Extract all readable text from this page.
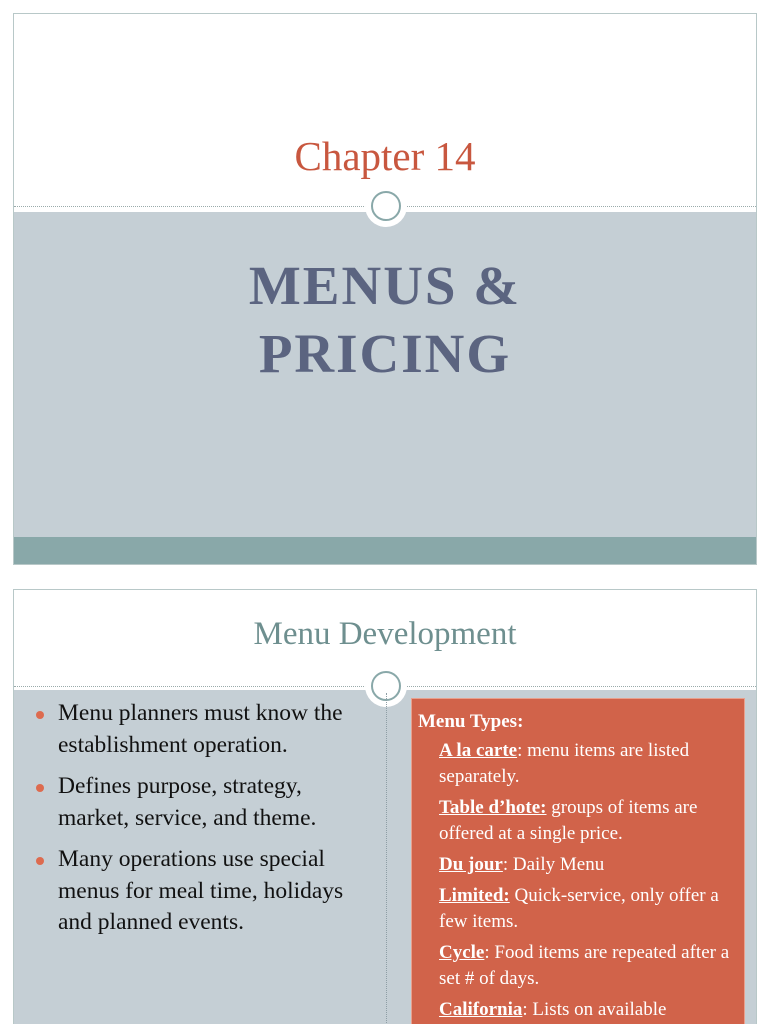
Chapter 14
MENUS &
PRICING
Menu Development
Menu planners must know the establishment operation.
Defines purpose, strategy, market, service, and theme.
Many operations use special menus for meal time, holidays and planned events.
Menu Types:
A la carte: menu items are listed separately.
Table d’hote: groups of items are offered at a single price.
Du jour: Daily Menu
Limited: Quick-service, only offer a few items.
Cycle: Food items are repeated after a set # of days.
California: Lists on available
